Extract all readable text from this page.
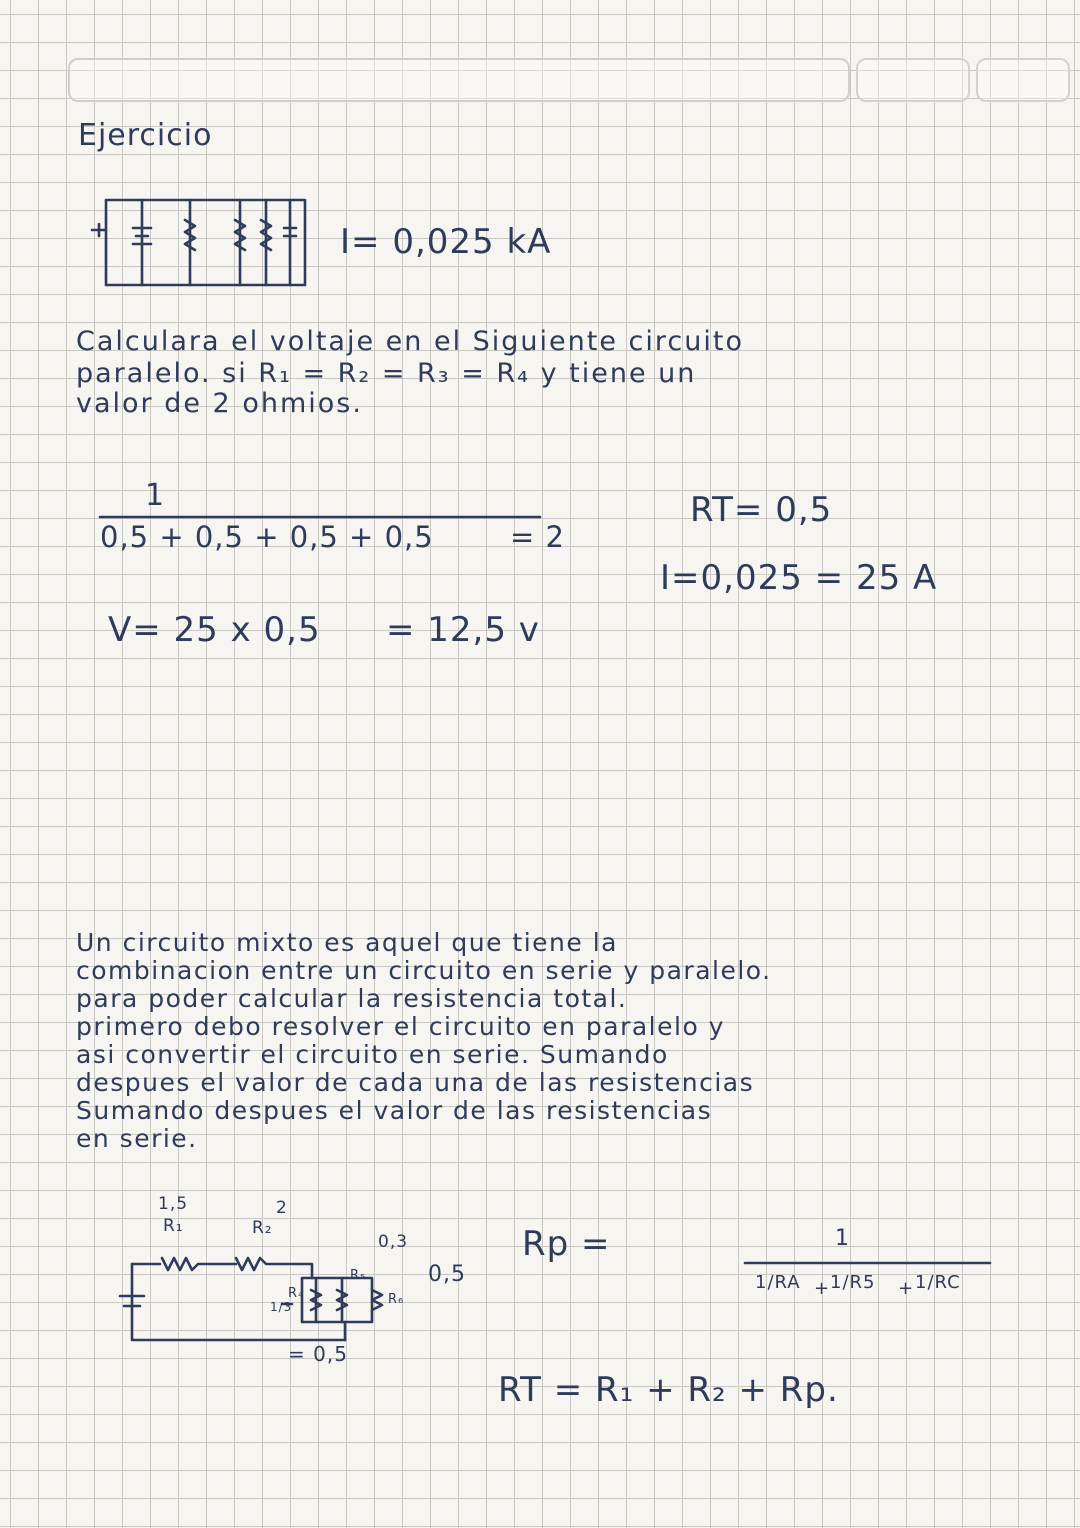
Ejercicio
I= 0,025 kA
Calculara el voltaje en el Siguiente circuito
paralelo. si R₁ = R₂ = R₃ = R₄ y tiene un
valor de 2 ohmios.
1
0,5 + 0,5 + 0,5 + 0,5	= 2
RT= 0,5
I=0,025 = 25 A
V= 25 x 0,5 = 12,5 v
Un circuito mixto es aquel que tiene la
combinacion entre un circuito en serie y paralelo.
para poder calcular la resistencia total.
primero debo resolver el circuito en paralelo y
asi convertir el circuito en serie. Sumando
despues el valor de cada una de las resistencias
Sumando despues el valor de las resistencias
en serie.
1,5
R₁
2
R₂
0,3
R₄
R₅
R₆
0,5
1/3
= 0,5
Rp =	1
1/RA 1/R5 1/RC
+	+
RT = R₁ + R₂ + Rp.
